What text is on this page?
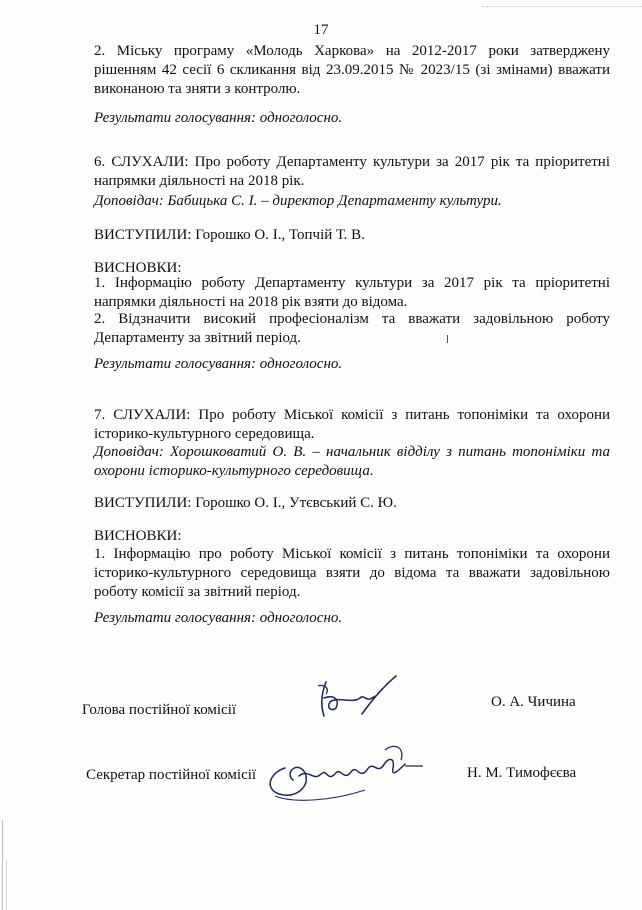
17
2. Міську програму «Молодь Харкова» на 2012-2017 роки затверджену
рішенням 42 сесії 6 скликання від 23.09.2015 № 2023/15 (зі змінами) вважати
виконаною та зняти з контролю.
Результати голосування: одноголосно.
6. СЛУХАЛИ: Про роботу Департаменту культури за 2017 рік та пріоритетні
напрямки діяльності на 2018 рік.
Доповідач: Бабицька С. І. – директор Департаменту культури.
ВИСТУПИЛИ: Горошко О. І., Топчій Т. В.
ВИСНОВКИ:
1. Інформацію роботу Департаменту культури за 2017 рік та пріоритетні
напрямки діяльності на 2018 рік взяти до відома.
2. Відзначити високий професіоналізм та вважати задовільною роботу
Департаменту за звітний період.
Результати голосування: одноголосно.
7. СЛУХАЛИ: Про роботу Міської комісії з питань топоніміки та охорони
історико-культурного середовища.
Доповідач: Хорошковатий О. В. – начальник відділу з питань топоніміки та
охорони історико-культурного середовища.
ВИСТУПИЛИ: Горошко О. І., Утєвський С. Ю.
ВИСНОВКИ:
1. Інформацію про роботу Міської комісії з питань топоніміки та охорони
історико-культурного середовища взяти до відома та вважати задовільною
роботу комісії за звітний період.
Результати голосування: одноголосно.
Голова постійної комісії	О. А. Чичина
Секретар постійної комісії	Н. М. Тимофєєва
